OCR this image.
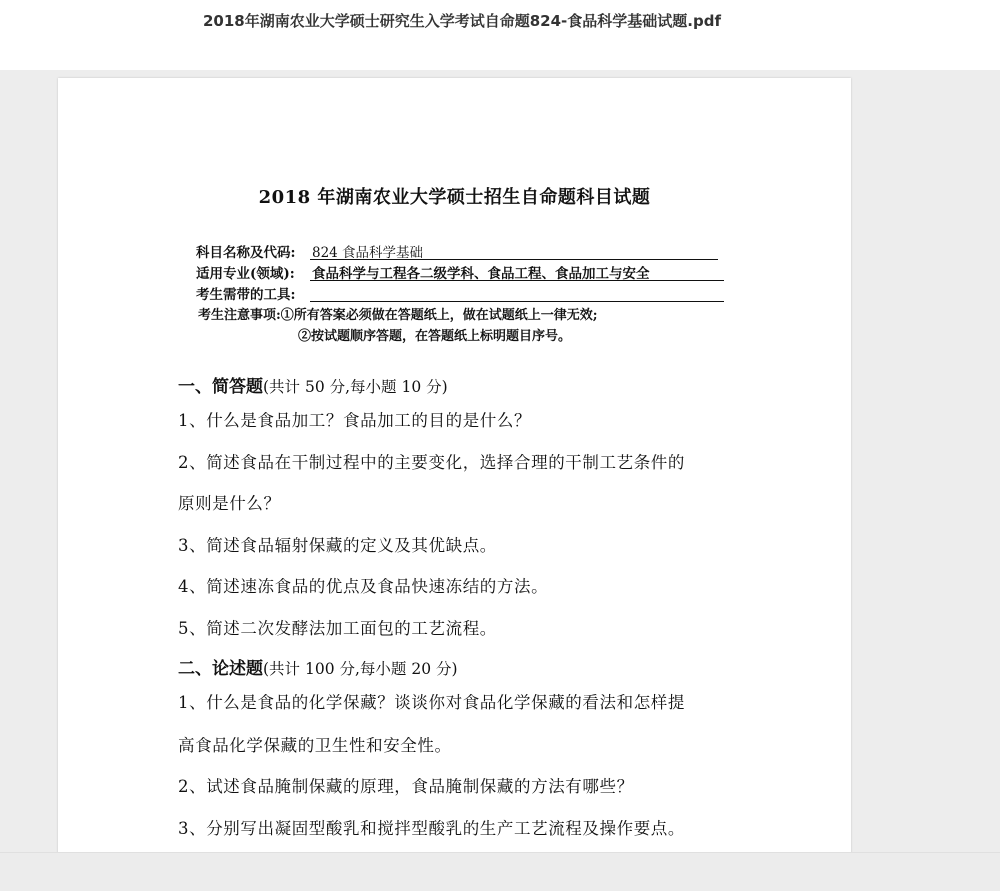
2018年湖南农业大学硕士研究生入学考试自命题824-食品科学基础试题.pdf
2018 年湖南农业大学硕士招生自命题科目试题
科目名称及代码: 824 食品科学基础
适用专业(领域): 食品科学与工程各二级学科、食品工程、食品加工与安全
考生需带的工具:
考生注意事项:①所有答案必须做在答题纸上，做在试题纸上一律无效;
②按试题顺序答题，在答题纸上标明题目序号。
一、简答题(共计 50 分,每小题 10 分)
1、什么是食品加工？食品加工的目的是什么？
2、简述食品在干制过程中的主要变化，选择合理的干制工艺条件的
原则是什么？
3、简述食品辐射保藏的定义及其优缺点。
4、简述速冻食品的优点及食品快速冻结的方法。
5、简述二次发酵法加工面包的工艺流程。
二、论述题(共计 100 分,每小题 20 分)
1、什么是食品的化学保藏？谈谈你对食品化学保藏的看法和怎样提
高食品化学保藏的卫生性和安全性。
2、试述食品腌制保藏的原理，食品腌制保藏的方法有哪些？
3、分别写出凝固型酸乳和搅拌型酸乳的生产工艺流程及操作要点。
